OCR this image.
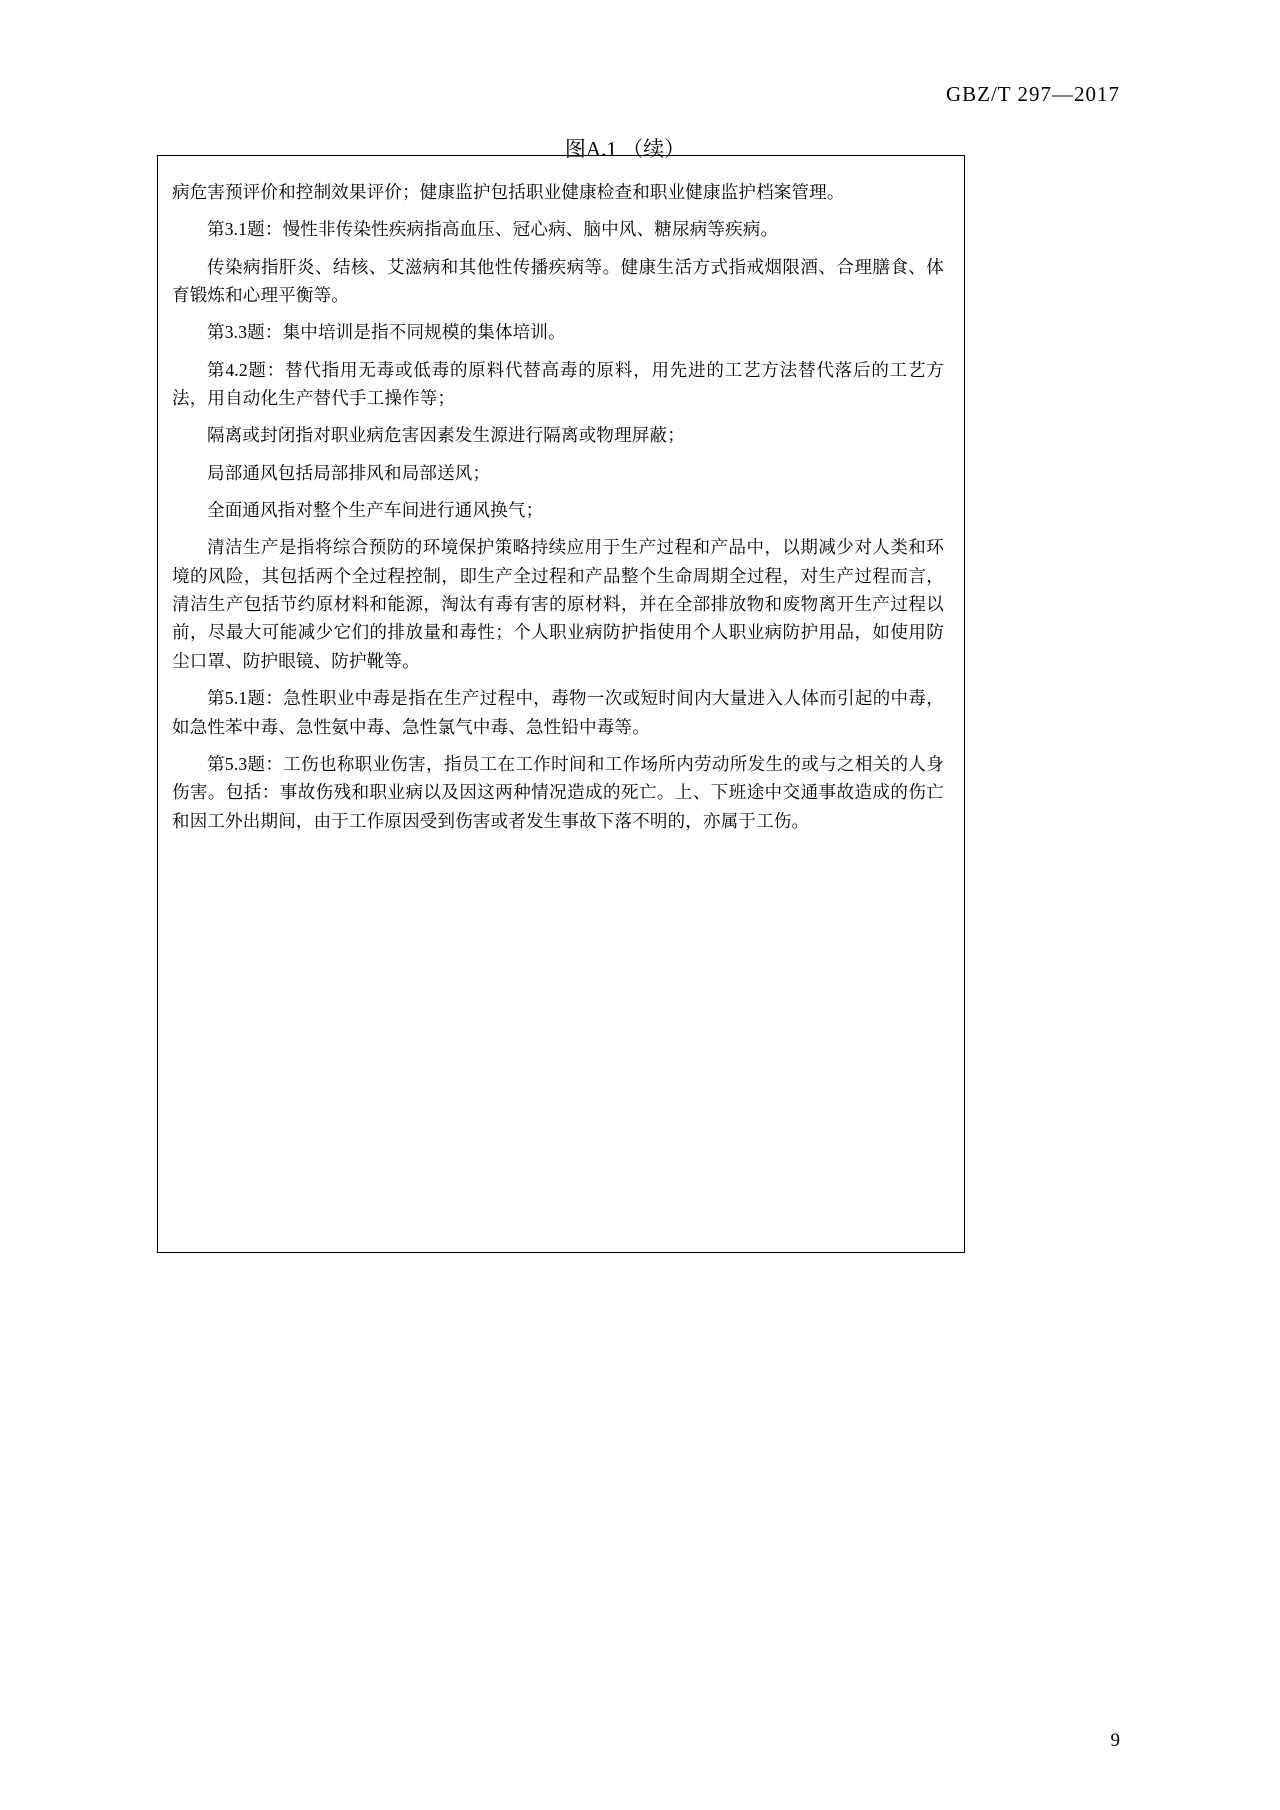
GBZ/T 297—2017
图A.1 （续）

病危害预评价和控制效果评价；健康监护包括职业健康检查和职业健康监护档案管理。

第3.1题：慢性非传染性疾病指高血压、冠心病、脑中风、糖尿病等疾病。

传染病指肝炎、结核、艾滋病和其他性传播疾病等。健康生活方式指戒烟限酒、合理膳食、体育锻炼和心理平衡等。

第3.3题：集中培训是指不同规模的集体培训。

第4.2题：替代指用无毒或低毒的原料代替高毒的原料，用先进的工艺方法替代落后的工艺方法，用自动化生产替代手工操作等；

隔离或封闭指对职业病危害因素发生源进行隔离或物理屏蔽；

局部通风包括局部排风和局部送风；

全面通风指对整个生产车间进行通风换气；

清洁生产是指将综合预防的环境保护策略持续应用于生产过程和产品中，以期减少对人类和环境的风险，其包括两个全过程控制，即生产全过程和产品整个生命周期全过程，对生产过程而言，清洁生产包括节约原材料和能源，淘汰有毒有害的原材料，并在全部排放物和废物离开生产过程以前，尽最大可能减少它们的排放量和毒性；个人职业病防护指使用个人职业病防护用品，如使用防尘口罩、防护眼镜、防护靴等。

第5.1题：急性职业中毒是指在生产过程中，毒物一次或短时间内大量进入人体而引起的中毒，如急性苯中毒、急性氨中毒、急性氯气中毒、急性铅中毒等。

第5.3题：工伤也称职业伤害，指员工在工作时间和工作场所内劳动所发生的或与之相关的人身伤害。包括：事故伤残和职业病以及因这两种情况造成的死亡。上、下班途中交通事故造成的伤亡和因工外出期间，由于工作原因受到伤害或者发生事故下落不明的，亦属于工伤。

9
